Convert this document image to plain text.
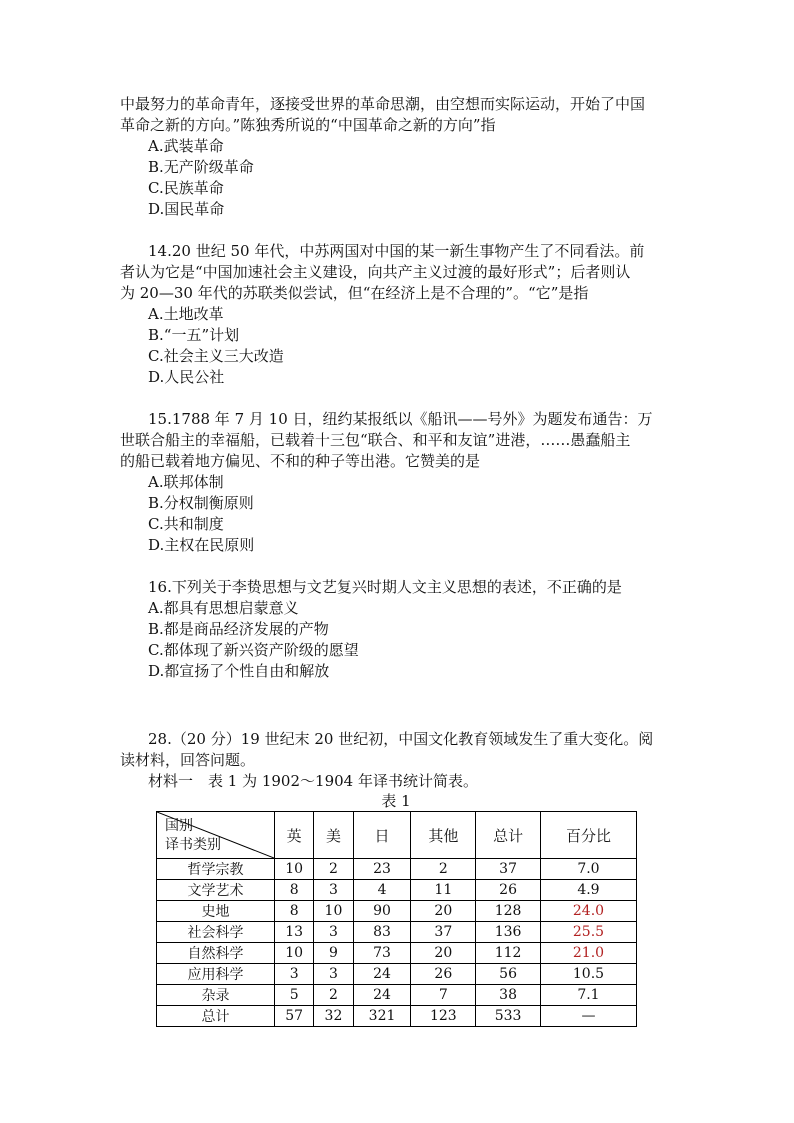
中最努力的革命青年，逐接受世界的革命思潮，由空想而实际运动，开始了中国
革命之新的方向。”陈独秀所说的“中国革命之新的方向”指
A.武装革命
B.无产阶级革命
C.民族革命
D.国民革命
14.20 世纪 50 年代，中苏两国对中国的某一新生事物产生了不同看法。前
者认为它是“中国加速社会主义建设，向共产主义过渡的最好形式”；后者则认
为 20—30 年代的苏联类似尝试，但“在经济上是不合理的”。“它”是指
A.土地改革
B.“一五”计划
C.社会主义三大改造
D.人民公社
15.1788 年 7 月 10 日，纽约某报纸以《船讯——号外》为题发布通告：万
世联合船主的幸福船，已载着十三包“联合、和平和友谊”进港，……愚蠢船主
的船已载着地方偏见、不和的种子等出港。它赞美的是
A.联邦体制
B.分权制衡原则
C.共和制度
D.主权在民原则
16.下列关于李贽思想与文艺复兴时期人文主义思想的表述，不正确的是
A.都具有思想启蒙意义
B.都是商品经济发展的产物
C.都体现了新兴资产阶级的愿望
D.都宣扬了个性自由和解放
28.（20 分）19 世纪末 20 世纪初，中国文化教育领域发生了重大变化。阅
读材料，回答问题。
材料一　表 1 为 1902～1904 年译书统计简表。
表 1
国别
译书类别	英	美	日	其他	总计	百分比
哲学宗教	10	2	23	2	37	7.0
文学艺术	8	3	4	11	26	4.9
史地	8	10	90	20	128	24.0
社会科学	13	3	83	37	136	25.5
自然科学	10	9	73	20	112	21.0
应用科学	3	3	24	26	56	10.5
杂录	5	2	24	7	38	7.1
总计	57	32	321	123	533	—
